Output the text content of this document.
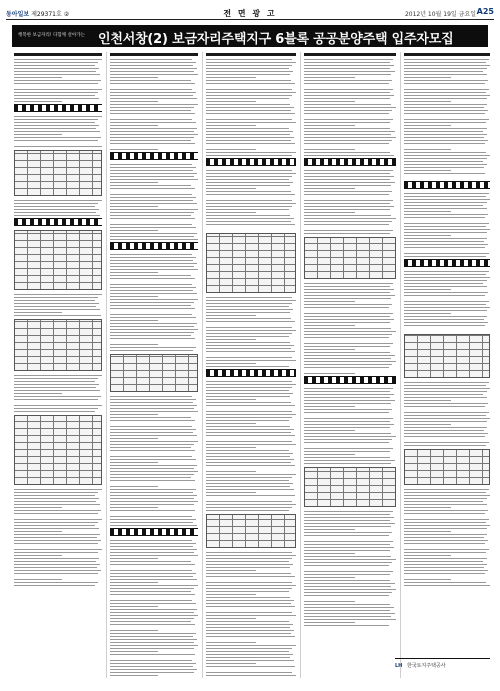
동아일보 제29371호 ②	전 면 광 고	2012년 10월 19일 금요일 A25
행복한 보금자리! 다함께 살아가는 인천서창(2) 보금자리주택지구 6블록 공공분양주택 입주자모집
LH 한국토지주택공사
